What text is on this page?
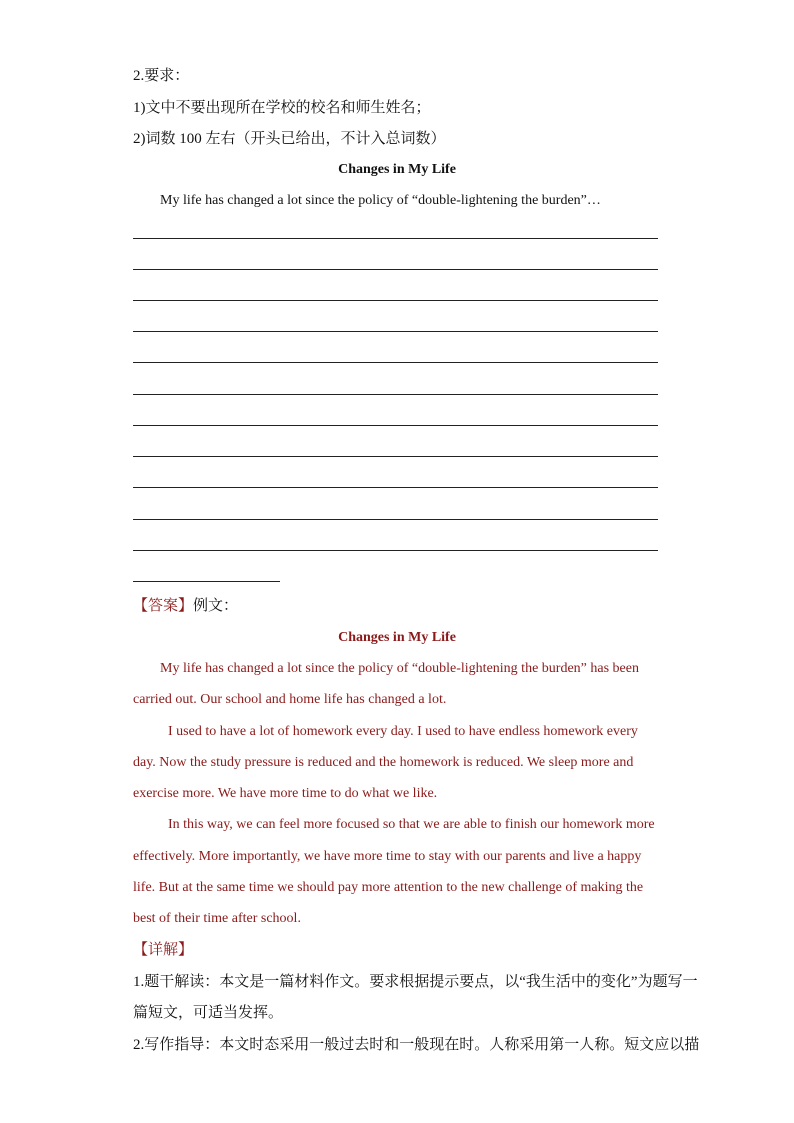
2.要求：
1)文中不要出现所在学校的校名和师生姓名；
2)词数 100 左右（开头已给出，不计入总词数）
Changes in My Life
My life has changed a lot since the policy of “double-lightening the burden”…
【答案】例文：
Changes in My Life
My life has changed a lot since the policy of “double-lightening the burden” has been
carried out. Our school and home life has changed a lot.
I used to have a lot of homework every day. I used to have endless homework every
day. Now the study pressure is reduced and the homework is reduced. We sleep more and
exercise more. We have more time to do what we like.
In this way, we can feel more focused so that we are able to finish our homework more
effectively. More importantly, we have more time to stay with our parents and live a happy
life. But at the same time we should pay more attention to the new challenge of making the
best of their time after school.
【详解】
1.题干解读：本文是一篇材料作文。要求根据提示要点，以“我生活中的变化”为题写一
篇短文，可适当发挥。
2.写作指导：本文时态采用一般过去时和一般现在时。人称采用第一人称。短文应以描
